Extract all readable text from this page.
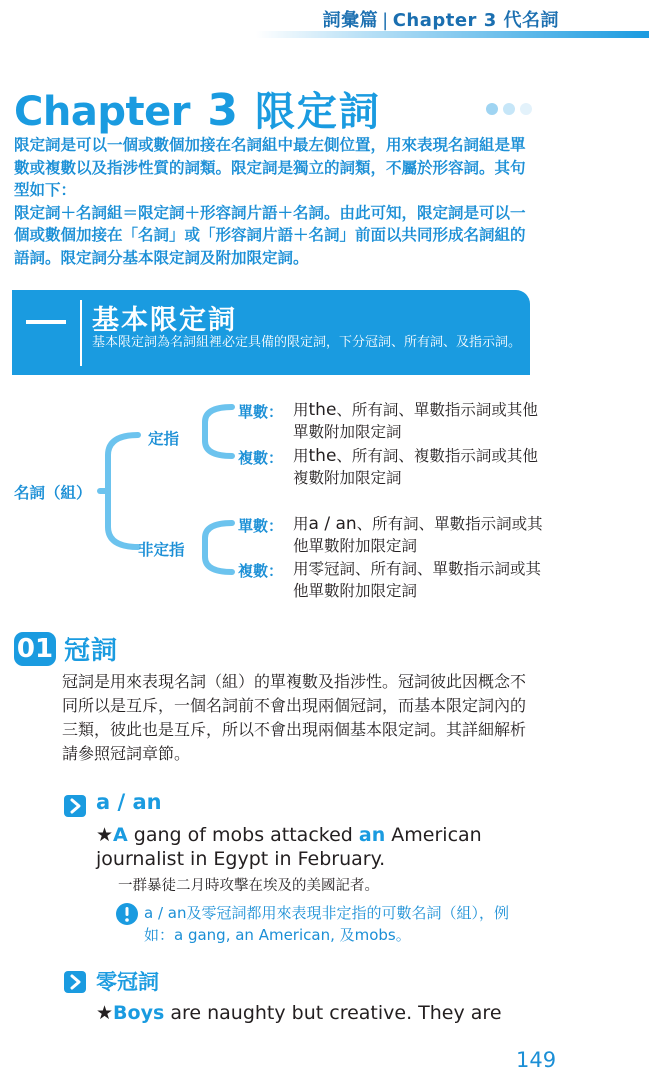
詞彙篇 | Chapter 3 代名詞
Chapter 3 限定詞

限定詞是可以一個或數個加接在名詞組中最左側位置，用來表現名詞組是單數或複數以及指涉性質的詞類。限定詞是獨立的詞類，不屬於形容詞。其句型如下：

限定詞＋名詞組＝限定詞＋形容詞片語＋名詞。由此可知，限定詞是可以一個或數個加接在「名詞」或「形容詞片語＋名詞」前面以共同形成名詞組的語詞。限定詞分基本限定詞及附加限定詞。

基本限定詞
基本限定詞為名詞組裡必定具備的限定詞，下分冠詞、所有詞、及指示詞。
名詞（組）
定指
非定指
單數： 用the、所有詞、單數指示詞或其他單數附加限定詞
複數： 用the、所有詞、複數指示詞或其他複數附加限定詞
單數： 用a / an、所有詞、單數指示詞或其他單數附加限定詞
複數： 用零冠詞、所有詞、單數指示詞或其他單數附加限定詞
01 冠詞

冠詞是用來表現名詞（組）的單複數及指涉性。冠詞彼此因概念不同所以是互斥，一個名詞前不會出現兩個冠詞，而基本限定詞內的三類，彼此也是互斥，所以不會出現兩個基本限定詞。其詳細解析請參照冠詞章節。

a / an

★A gang of mobs attacked an American journalist in Egypt in February.

一群暴徒二月時攻擊在埃及的美國記者。

a / an及零冠詞都用來表現非定指的可數名詞（組），例如：a gang, an American, 及mobs。

零冠詞

★Boys are naughty but creative. They are

149
